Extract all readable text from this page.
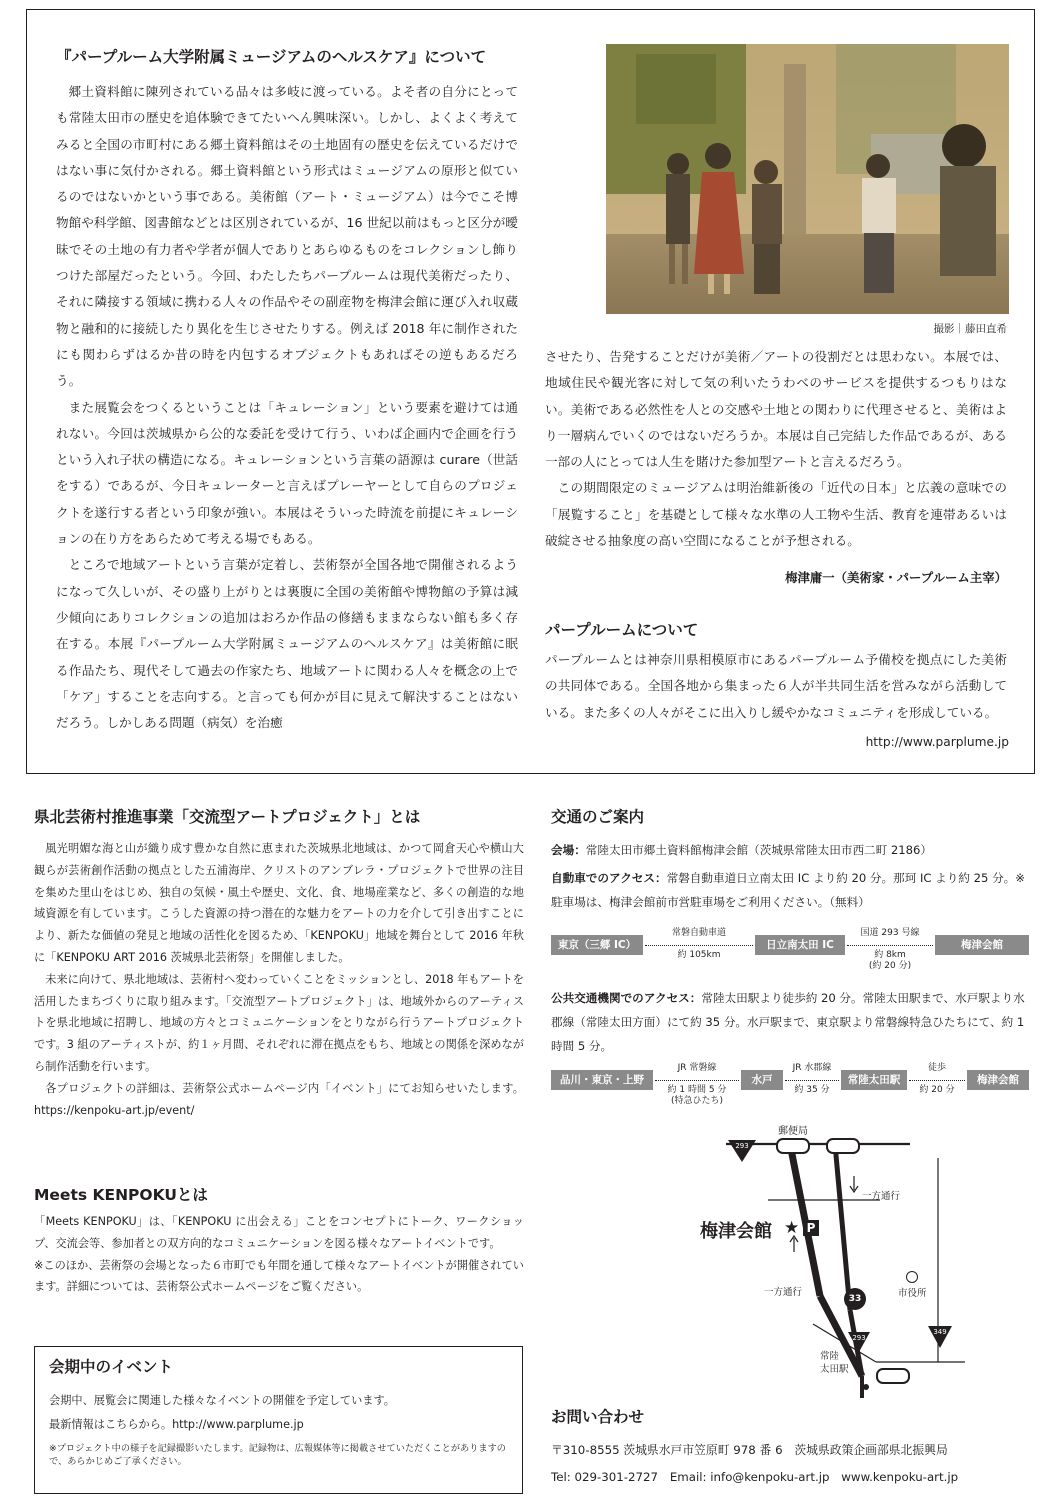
『パープルーム大学附属ミュージアムのヘルスケア』について

郷土資料館に陳列されている品々は多岐に渡っている。よそ者の自分にとっても常陸太田市の歴史を追体験できてたいへん興味深い。しかし、よくよく考えてみると全国の市町村にある郷土資料館はその土地固有の歴史を伝えているだけではない事に気付かされる。郷土資料館という形式はミュージアムの原形と似ているのではないかという事である。美術館（アート・ミュージアム）は今でこそ博物館や科学館、図書館などとは区別されているが、16 世紀以前はもっと区分が曖昧でその土地の有力者や学者が個人でありとあらゆるものをコレクションし飾りつけた部屋だったという。今回、わたしたちパープルームは現代美術だったり、それに隣接する領域に携わる人々の作品やその副産物を梅津会館に運び入れ収蔵物と融和的に接続したり異化を生じさせたりする。例えば 2018 年に制作されたにも関わらずはるか昔の時を内包するオブジェクトもあればその逆もあるだろう。

また展覧会をつくるということは「キュレーション」という要素を避けては通れない。今回は茨城県から公的な委託を受けて行う、いわば企画内で企画を行うという入れ子状の構造になる。キュレーションという言葉の語源は curare（世話をする）であるが、今日キュレーターと言えばプレーヤーとして自らのプロジェクトを遂行する者という印象が強い。本展はそういった時流を前提にキュレーションの在り方をあらためて考える場でもある。

ところで地域アートという言葉が定着し、芸術祭が全国各地で開催されるようになって久しいが、その盛り上がりとは裏腹に全国の美術館や博物館の予算は減少傾向にありコレクションの追加はおろか作品の修繕もままならない館も多く存在する。本展『パープルーム大学附属ミュージアムのヘルスケア』は美術館に眠る作品たち、現代そして過去の作家たち、地域アートに関わる人々を概念の上で「ケア」することを志向する。と言っても何かが目に見えて解決することはないだろう。しかしある問題（病気）を治癒

撮影｜藤田直希

させたり、告発することだけが美術／アートの役割だとは思わない。本展では、地域住民や観光客に対して気の利いたうわべのサービスを提供するつもりはない。美術である必然性を人との交感や土地との関わりに代理させると、美術はより一層病んでいくのではないだろうか。本展は自己完結した作品であるが、ある一部の人にとっては人生を賭けた参加型アートと言えるだろう。

この期間限定のミュージアムは明治維新後の「近代の日本」と広義の意味での「展覧すること」を基礎として様々な水準の人工物や生活、教育を連帯あるいは破綻させる抽象度の高い空間になることが予想される。

梅津庸一（美術家・パープルーム主宰）
パープルームについて

パープルームとは神奈川県相模原市にあるパープルーム予備校を拠点にした美術の共同体である。全国各地から集まった６人が半共同生活を営みながら活動している。また多くの人々がそこに出入りし緩やかなコミュニティを形成している。

http://www.parplume.jp
県北芸術村推進事業「交流型アートプロジェクト」とは

風光明媚な海と山が織り成す豊かな自然に恵まれた茨城県北地域は、かつて岡倉天心や横山大観らが芸術創作活動の拠点とした五浦海岸、クリストのアンブレラ・プロジェクトで世界の注目を集めた里山をはじめ、独自の気候・風土や歴史、文化、食、地場産業など、多くの創造的な地域資源を有しています。こうした資源の持つ潜在的な魅力をアートの力を介して引き出すことにより、新たな価値の発見と地域の活性化を図るため、「KENPOKU」地域を舞台として 2016 年秋に「KENPOKU ART 2016 茨城県北芸術祭」を開催しました。

未来に向けて、県北地域は、芸術村へ変わっていくことをミッションとし、2018 年もアートを活用したまちづくりに取り組みます。「交流型アートプロジェクト」は、地域外からのアーティストを県北地域に招聘し、地域の方々とコミュニケーションをとりながら行うアートプロジェクトです。3 組のアーティストが、約１ヶ月間、それぞれに滞在拠点をもち、地域との関係を深めながら制作活動を行います。

各プロジェクトの詳細は、芸術祭公式ホームページ内「イベント」にてお知らせいたします。https://kenpoku-art.jp/event/

Meets KENPOKUとは

「Meets KENPOKU」は、「KENPOKU に出会える」ことをコンセプトにトーク、ワークショップ、交流会等、参加者との双方向的なコミュニケーションを図る様々なアートイベントです。

※このほか、芸術祭の会場となった６市町でも年間を通して様々なアートイベントが開催されています。詳細については、芸術祭公式ホームページをご覧ください。

会期中のイベント
会期中、展覧会に関連した様々なイベントの開催を予定しています。
最新情報はこちらから。http://www.parplume.jp
※プロジェクト中の様子を記録撮影いたします。記録物は、広報媒体等に掲載させていただくことがありますので、あらかじめご了承ください。
交通のご案内

会場：常陸太田市郷土資料館梅津会館（茨城県常陸太田市西二町 2186）

自動車でのアクセス：常磐自動車道日立南太田 IC より約 20 分。那珂 IC より約 25 分。※駐車場は、梅津会館前市営駐車場をご利用ください。（無料）

東京（三郷 IC）
常磐自動車道
約 105km
日立南太田 IC
国道 293 号線
約 8km
(約 20 分)
梅津会館

公共交通機関でのアクセス：常陸太田駅より徒歩約 20 分。常陸太田駅まで、水戸駅より水郡線（常陸太田方面）にて約 35 分。水戸駅まで、東京駅より常磐線特急ひたちにて、約 1 時間 5 分。

品川・東京・上野
JR 常磐線
約 1 時間 5 分
(特急ひたち)
水戸
JR 水郡線
約 35 分
常陸太田駅
徒歩
約 20 分
梅津会館
293
郵便局
一方通行
梅津会館 ★ P
一方通行
33	市役所
293
349
常陸
太田駅
お問い合わせ
〒310-8555 茨城県水戸市笠原町 978 番 6　茨城県政策企画部県北振興局
Tel: 029-301-2727　Email: info@kenpoku-art.jp　www.kenpoku-art.jp
